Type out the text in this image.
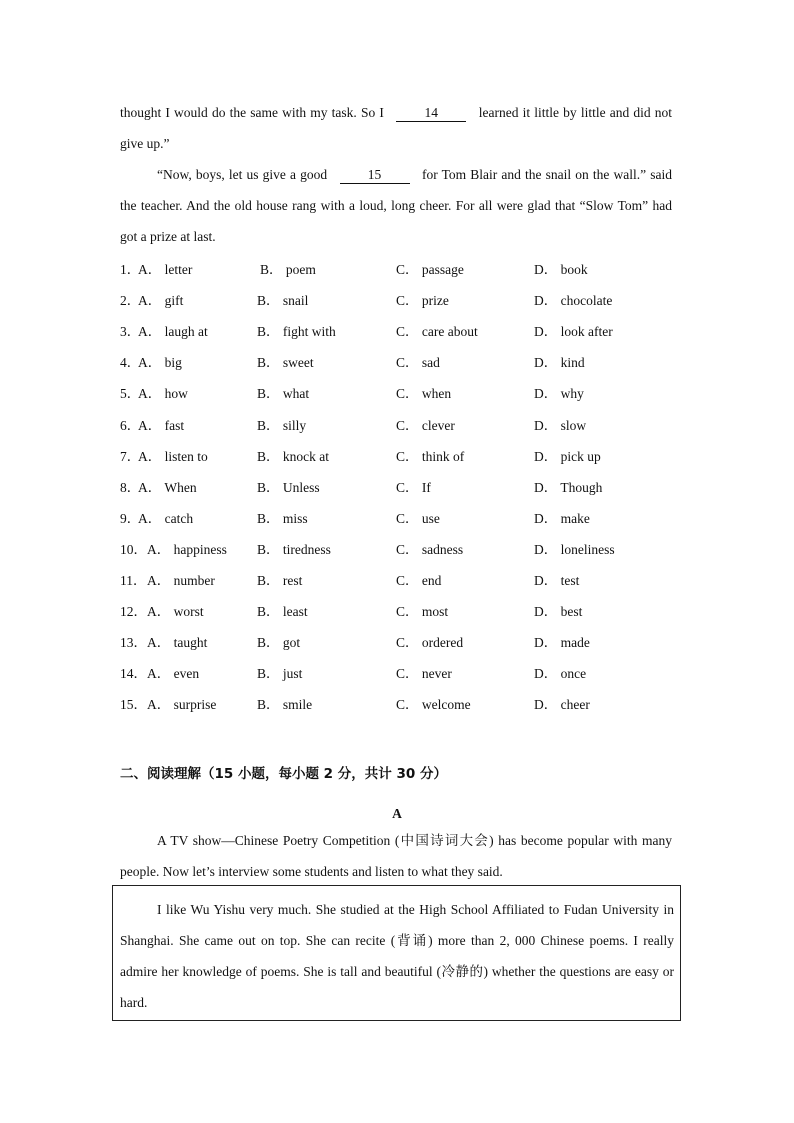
thought I would do the same with my task. So I	14	learned it little by little and did not give up.”
“Now, boys, let us give a good	15	for Tom Blair and the snail on the wall.” said the teacher. And the old house rang with a loud, long cheer. For all were glad that “Slow Tom” had got a prize at last.
1．
A． letter	B． poem	C． passage	D． book
2．
A． gift	B． snail	C． prize	D． chocolate
3．
A． laugh at	B． fight with	C． care about	D． look after
4．
A． big	B． sweet	C． sad	D． kind
5．
A． how	B． what	C． when	D． why
6．
A． fast	B． silly	C． clever	D． slow
7．
A． listen to	B． knock at	C． think of	D． pick up
8．
A． When	B． Unless	C． If	D． Though
9．
A． catch	B． miss	C． use	D． make
10． A． happiness B． tiredness	C． sadness	D． loneliness
11． A． number	B． rest	C． end	D． test
12． A． worst	B． least	C． most	D． best
13． A． taught	B． got	C． ordered	D． made
14． A． even	B． just	C． never	D． once
15． A． surprise	B． smile	C． welcome	D． cheer
二、阅读理解（15 小题，每小题 2 分，共计 30 分）
A
A TV show—Chinese Poetry Competition (中国诗词大会) has become popular with many people. Now let’s interview some students and listen to what they said.
I like Wu Yishu very much. She studied at the High School Affiliated to Fudan University in Shanghai. She came out on top. She can recite (背诵) more than 2, 000 Chinese poems. I really admire her knowledge of poems. She is tall and beautiful (冷静的) whether the questions are easy or hard.
